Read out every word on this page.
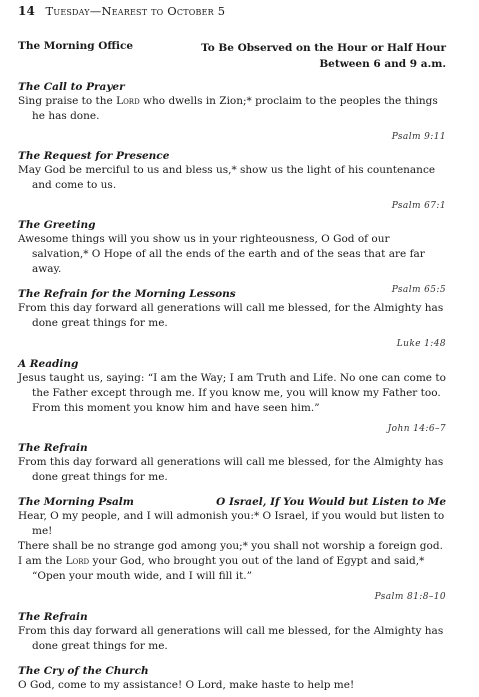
14 Tuesday—Nearest to October 5
The Morning Office	To Be Observed on the Hour or Half Hour
Between 6 and 9 a.m.
The Call to Prayer

Sing praise to the Lord who dwells in Zion;* proclaim to the peoples the things he has done.

Psalm 9:11
The Request for Presence

May God be merciful to us and bless us,* show us the light of his countenance and come to us.

Psalm 67:1
The Greeting

Awesome things will you show us in your righteousness, O God of our salvation,* O Hope of all the ends of the earth and of the seas that are far away.

Psalm 65:5
The Refrain for the Morning Lessons

From this day forward all generations will call me blessed, for the Almighty has done great things for me.

Luke 1:48
A Reading

Jesus taught us, saying: “I am the Way; I am Truth and Life. No one can come to the Father except through me. If you know me, you will know my Father too. From this moment you know him and have seen him.”

John 14:6–7
The Refrain

From this day forward all generations will call me blessed, for the Almighty has done great things for me.

The Morning Psalm	O Israel, If You Would but Listen to Me

Hear, O my people, and I will admonish you:* O Israel, if you would but listen to me!

There shall be no strange god among you;* you shall not worship a foreign god.

I am the Lord your God, who brought you out of the land of Egypt and said,* “Open your mouth wide, and I will fill it.”

Psalm 81:8–10
The Refrain

From this day forward all generations will call me blessed, for the Almighty has done great things for me.

The Cry of the Church

O God, come to my assistance! O Lord, make haste to help me!
